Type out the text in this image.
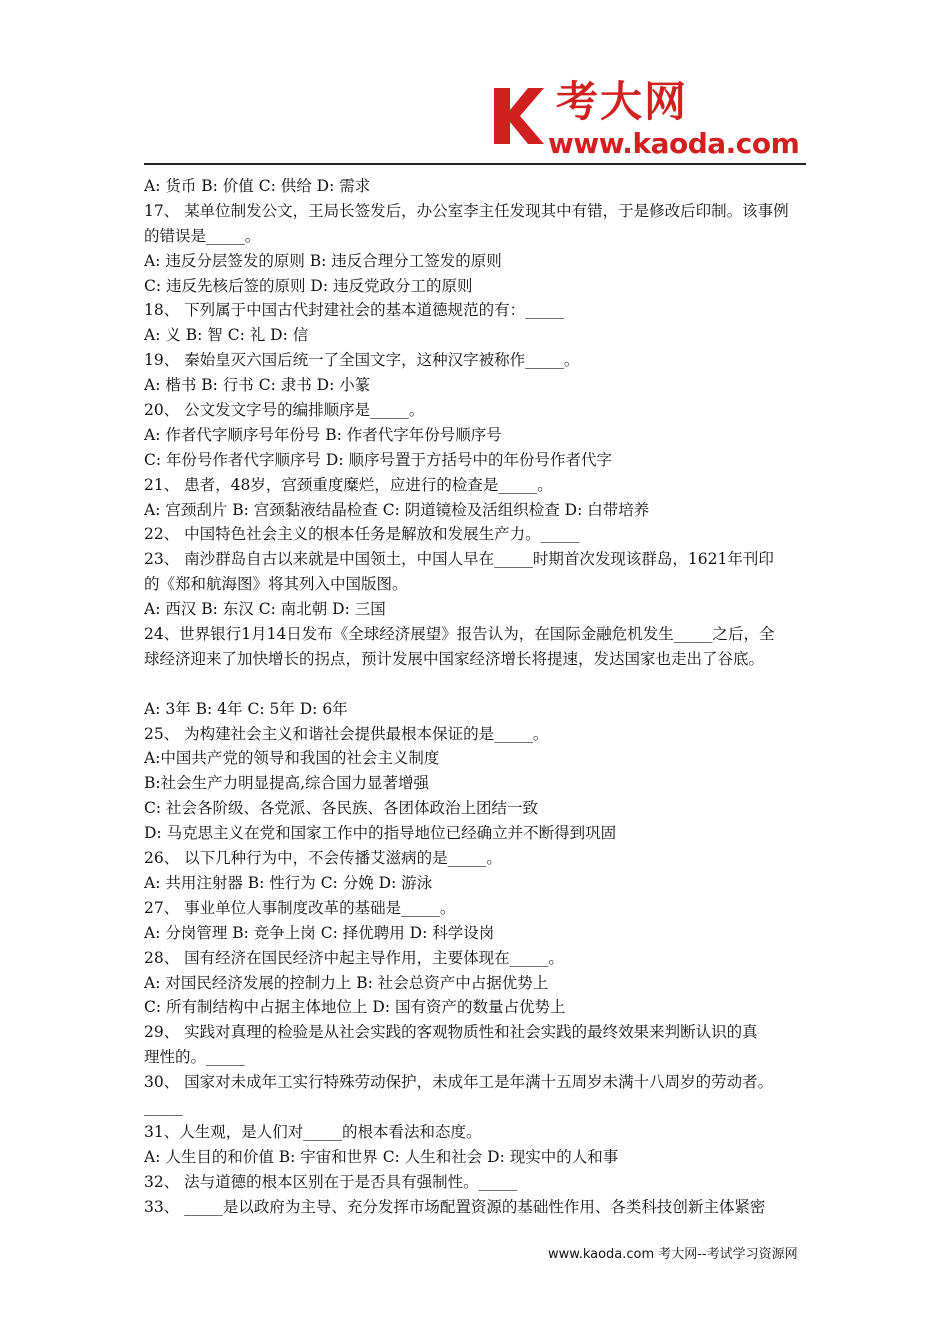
考大网
www.kaoda.com
A: 货币 B: 价值 C: 供给 D: 需求
17、 某单位制发公文，王局长签发后，办公室李主任发现其中有错，于是修改后印制。该事例
的错误是_____。
A: 违反分层签发的原则 B: 违反合理分工签发的原则
C: 违反先核后签的原则 D: 违反党政分工的原则
18、 下列属于中国古代封建社会的基本道德规范的有：_____
A: 义 B: 智 C: 礼 D: 信
19、 秦始皇灭六国后统一了全国文字，这种汉字被称作_____。
A: 楷书 B: 行书 C: 隶书 D: 小篆
20、 公文发文字号的编排顺序是_____。
A: 作者代字顺序号年份号 B: 作者代字年份号顺序号
C: 年份号作者代字顺序号 D: 顺序号置于方括号中的年份号作者代字
21、 患者，48岁，宫颈重度糜烂，应进行的检查是_____。
A: 宫颈刮片 B: 宫颈黏液结晶检查 C: 阴道镜检及活组织检查 D: 白带培养
22、 中国特色社会主义的根本任务是解放和发展生产力。_____
23、 南沙群岛自古以来就是中国领土，中国人早在_____时期首次发现该群岛，1621年刊印
的《郑和航海图》将其列入中国版图。
A: 西汉 B: 东汉 C: 南北朝 D: 三国
24、世界银行1月14日发布《全球经济展望》报告认为，在国际金融危机发生_____之后，全
球经济迎来了加快增长的拐点，预计发展中国家经济增长将提速，发达国家也走出了谷底。
A: 3年 B: 4年 C: 5年 D: 6年
25、 为构建社会主义和谐社会提供最根本保证的是_____。
A:中国共产党的领导和我国的社会主义制度
B:社会生产力明显提高,综合国力显著增强
C: 社会各阶级、各党派、各民族、各团体政治上团结一致
D: 马克思主义在党和国家工作中的指导地位已经确立并不断得到巩固
26、 以下几种行为中，不会传播艾滋病的是_____。
A: 共用注射器 B: 性行为 C: 分娩 D: 游泳
27、 事业单位人事制度改革的基础是_____。
A: 分岗管理 B: 竞争上岗 C: 择优聘用 D: 科学设岗
28、 国有经济在国民经济中起主导作用，主要体现在_____。
A: 对国民经济发展的控制力上 B: 社会总资产中占据优势上
C: 所有制结构中占据主体地位上 D: 国有资产的数量占优势上
29、 实践对真理的检验是从社会实践的客观物质性和社会实践的最终效果来判断认识的真
理性的。_____
30、 国家对未成年工实行特殊劳动保护，未成年工是年满十五周岁未满十八周岁的劳动者。
_____
31、人生观，是人们对_____的根本看法和态度。
A: 人生目的和价值 B: 宇宙和世界 C: 人生和社会 D: 现实中的人和事
32、 法与道德的根本区别在于是否具有强制性。_____
33、 _____是以政府为主导、充分发挥市场配置资源的基础性作用、各类科技创新主体紧密
www.kaoda.com 考大网--考试学习资源网
